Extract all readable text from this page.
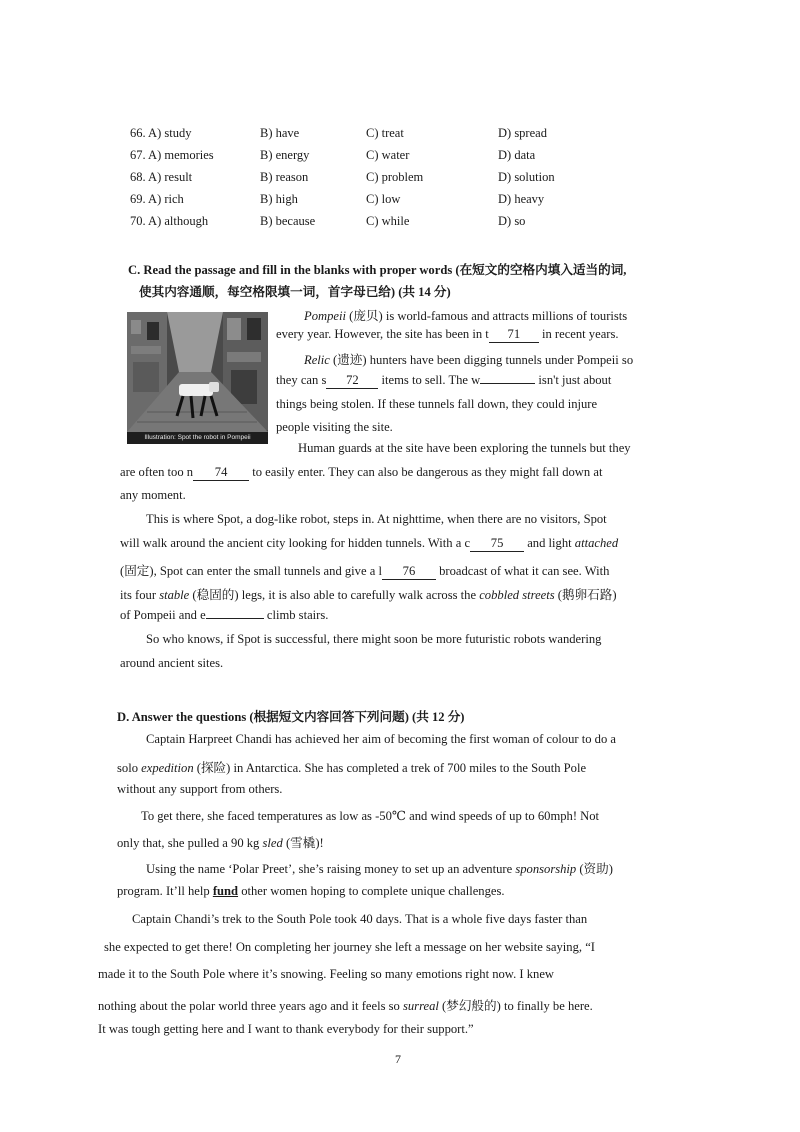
66. A) study	B) have	C) treat	D) spread
67. A) memories	B) energy	C) water	D) data
68. A) result	B) reason	C) problem	D) solution
69. A) rich	B) high	C) low	D) heavy
70. A) although	B) because	C) while	D) so
C. Read the passage and fill in the blanks with proper words (在短文的空格内填入适当的词,
使其内容通顺，每空格限填一词，首字母已给) (共 14 分)
Illustration: Spot the robot in Pompeii
Pompeii (庞贝) is world-famous and attracts millions of tourists
every year. However, the site has been in t 71 in recent years.
Relic (遗迹) hunters have been digging tunnels under Pompeii so
they can s 72 items to sell. The w	isn't just about
things being stolen. If these tunnels fall down, they could injure
people visiting the site.
Human guards at the site have been exploring the tunnels but they
are often too n 74 to easily enter. They can also be dangerous as they might fall down at
any moment.
This is where Spot, a dog-like robot, steps in. At nighttime, when there are no visitors, Spot
will walk around the ancient city looking for hidden tunnels. With a c 75 and light attached
(固定), Spot can enter the small tunnels and give a l 76 broadcast of what it can see. With
its four stable (稳固的) legs, it is also able to carefully walk across the cobbled streets (鹅卵石路)
of Pompeii and e	climb stairs.
So who knows, if Spot is successful, there might soon be more futuristic robots wandering
around ancient sites.
D. Answer the questions (根据短文内容回答下列问题) (共 12 分)
Captain Harpreet Chandi has achieved her aim of becoming the first woman of colour to do a
solo expedition (探险) in Antarctica. She has completed a trek of 700 miles to the South Pole
without any support from others.
To get there, she faced temperatures as low as -50℃ and wind speeds of up to 60mph! Not
only that, she pulled a 90 kg sled (雪橇)!
Using the name ‘Polar Preet’, she’s raising money to set up an adventure sponsorship (资助)
program. It’ll help fund other women hoping to complete unique challenges.
Captain Chandi’s trek to the South Pole took 40 days. That is a whole five days faster than
she expected to get there! On completing her journey she left a message on her website saying, “I
made it to the South Pole where it’s snowing. Feeling so many emotions right now. I knew
nothing about the polar world three years ago and it feels so surreal (梦幻般的) to finally be here.
It was tough getting here and I want to thank everybody for their support.”
7
